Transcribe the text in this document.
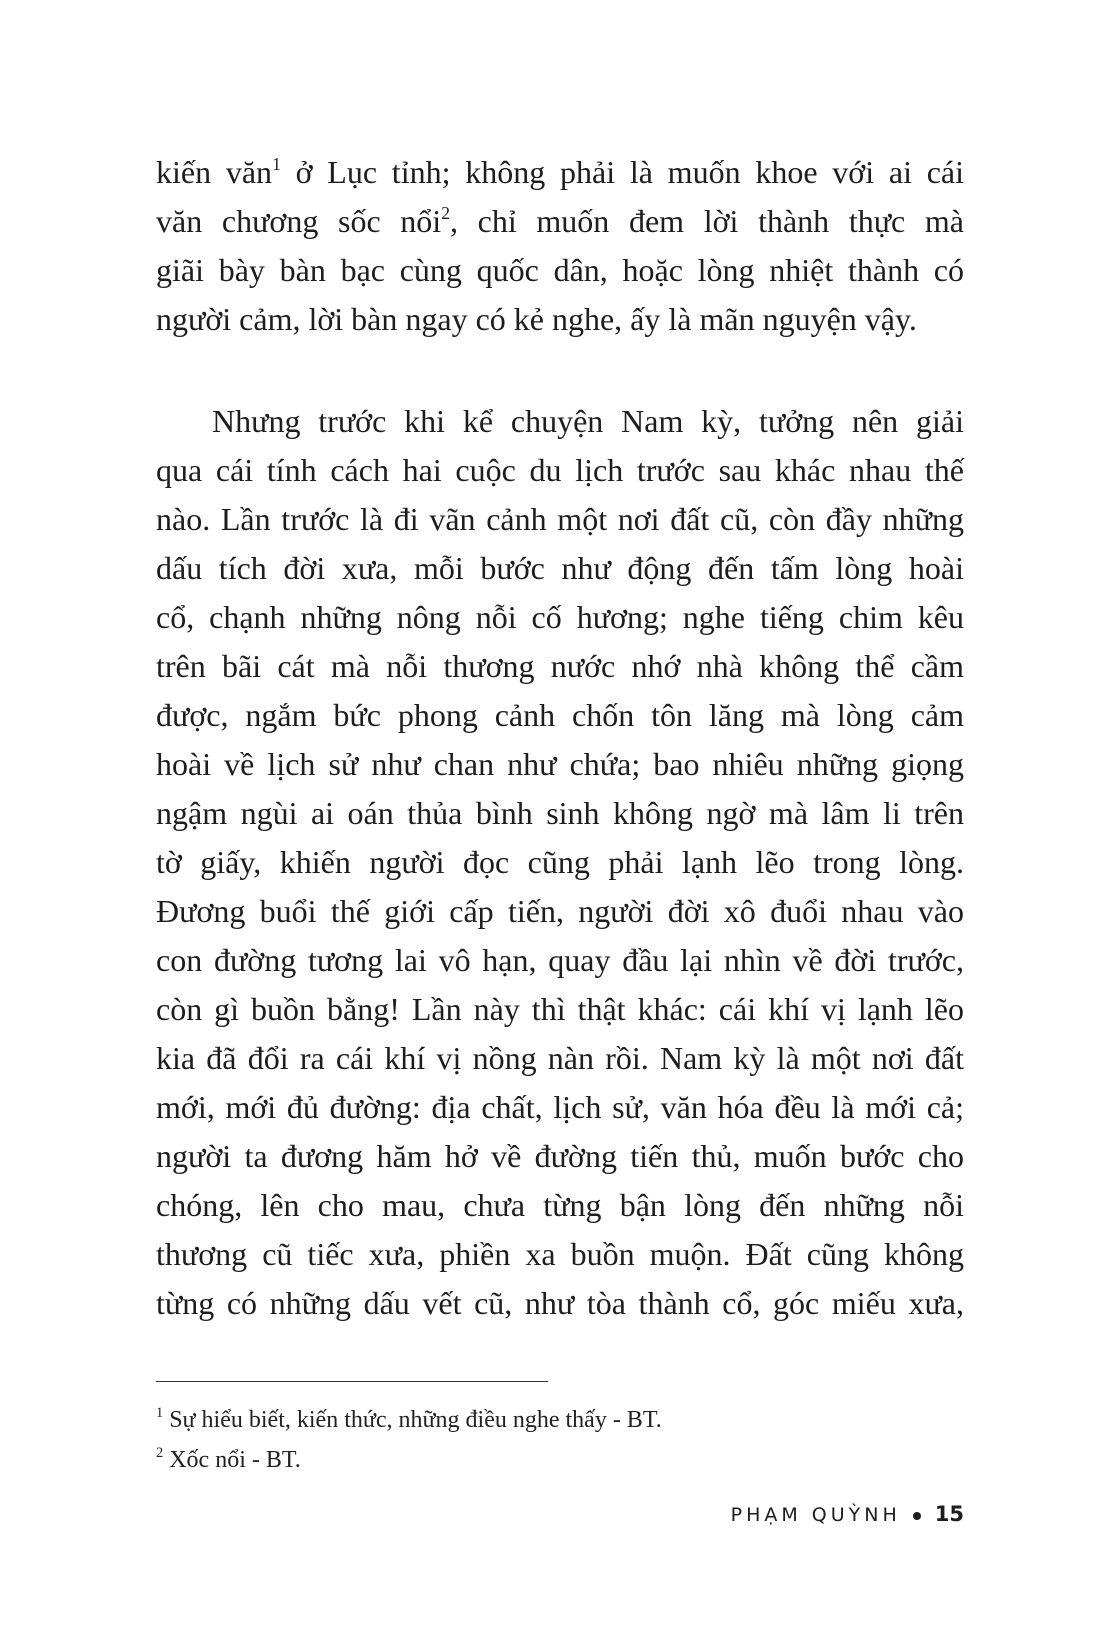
kiến văn$^1$ ở Lục tỉnh; không phải là muốn khoe với ai cái
văn chương sốc nổi$^2$, chỉ muốn đem lời thành thực mà
giãi bày bàn bạc cùng quốc dân, hoặc lòng nhiệt thành có
người cảm, lời bàn ngay có kẻ nghe, ấy là mãn nguyện vậy.
Nhưng trước khi kể chuyện Nam kỳ, tưởng nên giải
qua cái tính cách hai cuộc du lịch trước sau khác nhau thế
nào. Lần trước là đi vãn cảnh một nơi đất cũ, còn đầy những
dấu tích đời xưa, mỗi bước như động đến tấm lòng hoài
cổ, chạnh những nông nỗi cố hương; nghe tiếng chim kêu
trên bãi cát mà nỗi thương nước nhớ nhà không thể cầm
được, ngắm bức phong cảnh chốn tôn lăng mà lòng cảm
hoài về lịch sử như chan như chứa; bao nhiêu những giọng
ngậm ngùi ai oán thủa bình sinh không ngờ mà lâm li trên
tờ giấy, khiến người đọc cũng phải lạnh lẽo trong lòng.
Đương buổi thế giới cấp tiến, người đời xô đuổi nhau vào
con đường tương lai vô hạn, quay đầu lại nhìn về đời trước,
còn gì buồn bằng! Lần này thì thật khác: cái khí vị lạnh lẽo
kia đã đổi ra cái khí vị nồng nàn rồi. Nam kỳ là một nơi đất
mới, mới đủ đường: địa chất, lịch sử, văn hóa đều là mới cả;
người ta đương hăm hở về đường tiến thủ, muốn bước cho
chóng, lên cho mau, chưa từng bận lòng đến những nỗi
thương cũ tiếc xưa, phiền xa buồn muộn. Đất cũng không
từng có những dấu vết cũ, như tòa thành cổ, góc miếu xưa,
$^1$ Sự hiểu biết, kiến thức, những điều nghe thấy - BT.
$^2$ Xốc nổi - BT.
PHẠM QUỲNH 15
